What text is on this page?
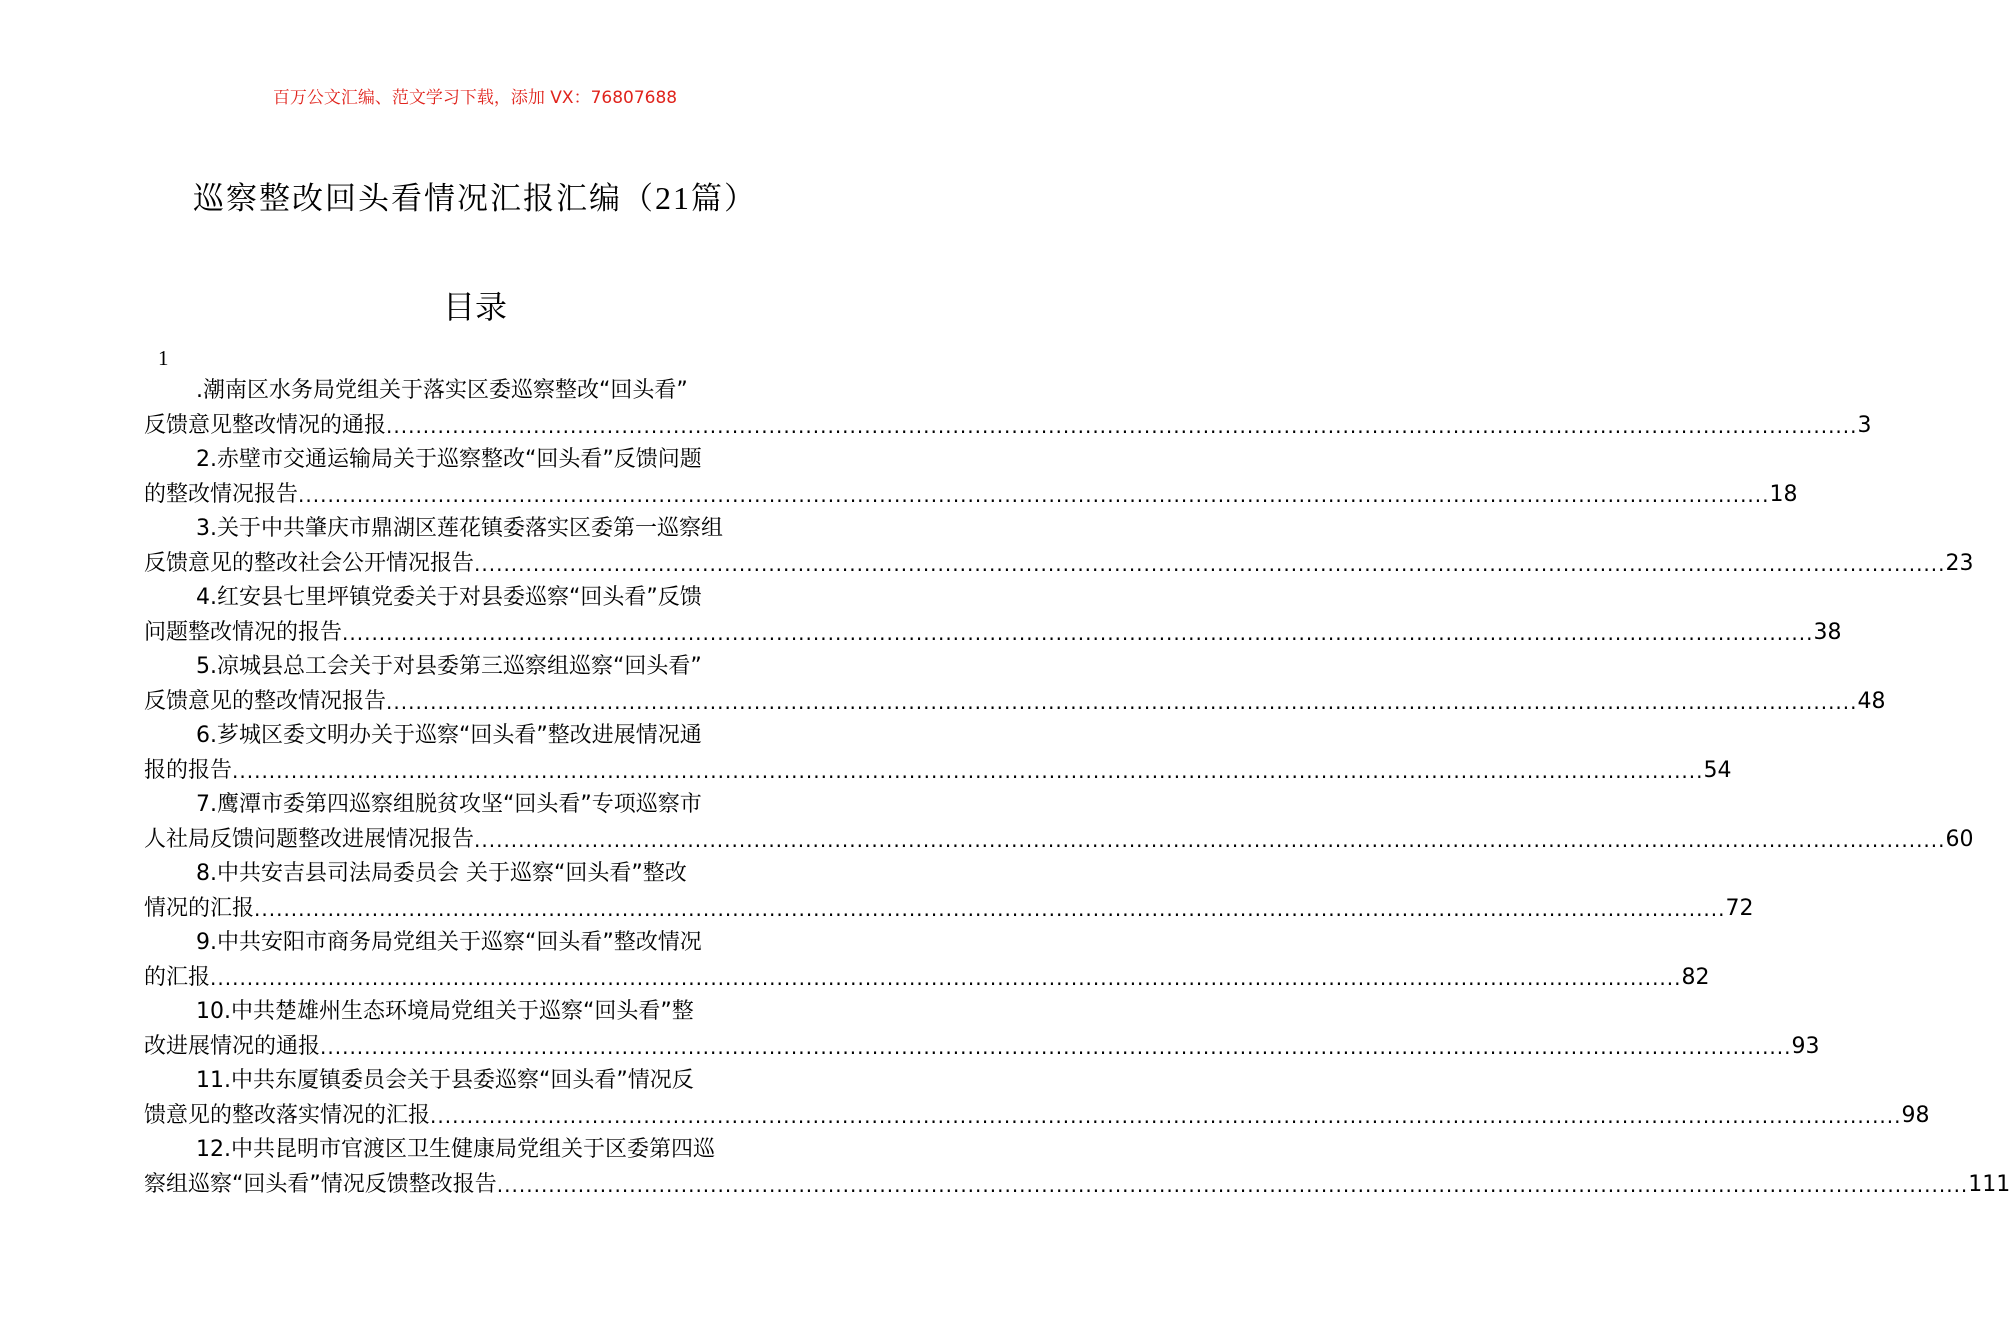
百万公文汇编、范文学习下载，添加 VX：76807688
巡察整改回头看情况汇报汇编（21篇）
目录
1
.潮南区水务局党组关于落实区委巡察整改“回头看”
反馈意见整改情况的通报 ........................................................................................................................................................................................................ 3
2.赤壁市交通运输局关于巡察整改“回头看”反馈问题
的整改情况报告 ........................................................................................................................................................................................................ 18
3.关于中共肇庆市鼎湖区莲花镇委落实区委第一巡察组
反馈意见的整改社会公开情况报告 ........................................................................................................................................................................................................ 23
4.红安县七里坪镇党委关于对县委巡察“回头看”反馈
问题整改情况的报告 ........................................................................................................................................................................................................ 38
5.凉城县总工会关于对县委第三巡察组巡察“回头看”
反馈意见的整改情况报告 ........................................................................................................................................................................................................ 48
6.芗城区委文明办关于巡察“回头看”整改进展情况通
报的报告 ........................................................................................................................................................................................................ 54
7.鹰潭市委第四巡察组脱贫攻坚“回头看”专项巡察市
人社局反馈问题整改进展情况报告 ........................................................................................................................................................................................................ 60
8.中共安吉县司法局委员会 关于巡察“回头看”整改
情况的汇报 ........................................................................................................................................................................................................ 72
9.中共安阳市商务局党组关于巡察“回头看”整改情况
的汇报 ........................................................................................................................................................................................................ 82
10.中共楚雄州生态环境局党组关于巡察“回头看”整
改进展情况的通报 ........................................................................................................................................................................................................ 93
11.中共东厦镇委员会关于县委巡察“回头看”情况反
馈意见的整改落实情况的汇报 ........................................................................................................................................................................................................ 98
12.中共昆明市官渡区卫生健康局党组关于区委第四巡
察组巡察“回头看”情况反馈整改报告 ........................................................................................................................................................................................................ 111
